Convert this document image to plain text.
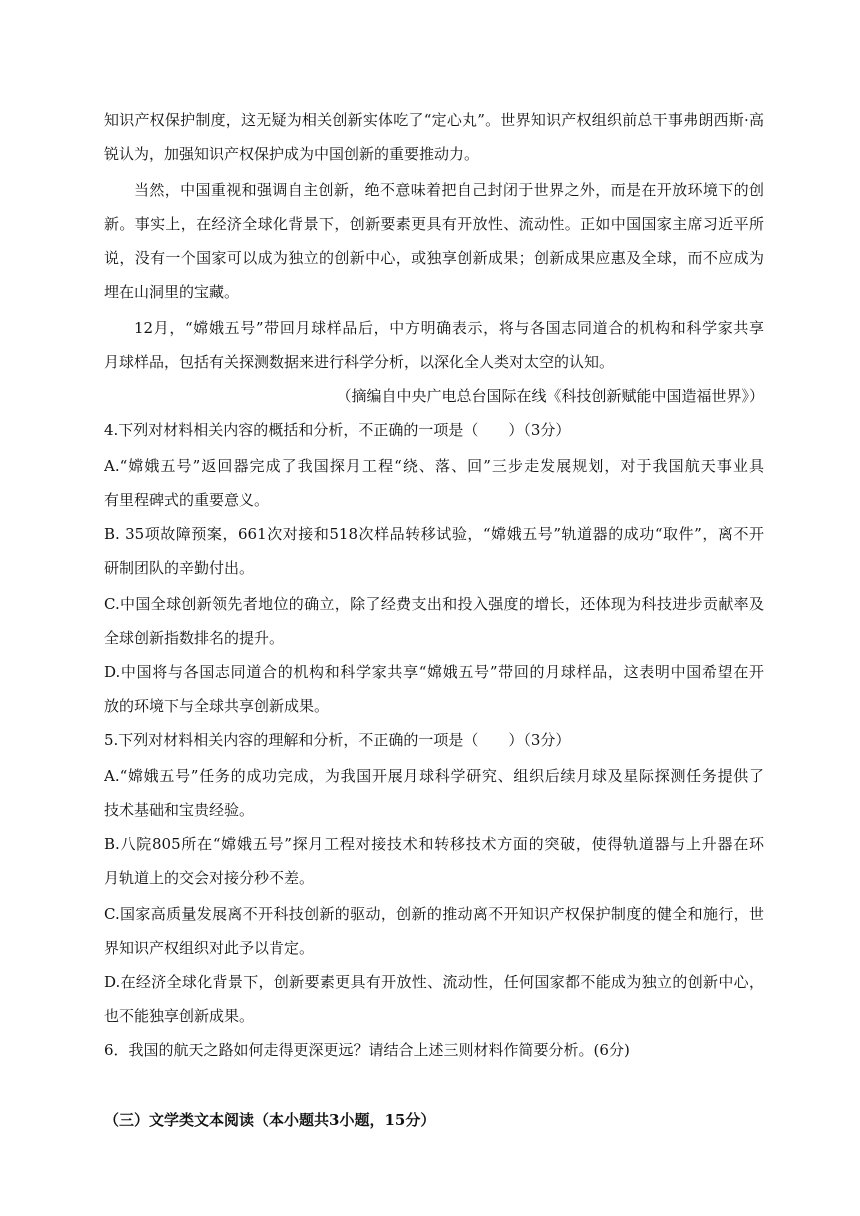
知识产权保护制度，这无疑为相关创新实体吃了“定心丸”。世界知识产权组织前总干事弗朗西斯·高
锐认为，加强知识产权保护成为中国创新的重要推动力。
当然，中国重视和强调自主创新，绝不意味着把自己封闭于世界之外，而是在开放环境下的创
新。事实上，在经济全球化背景下，创新要素更具有开放性、流动性。正如中国国家主席习近平所
说，没有一个国家可以成为独立的创新中心，或独享创新成果；创新成果应惠及全球，而不应成为
埋在山洞里的宝藏。
12月，“嫦娥五号”带回月球样品后，中方明确表示，将与各国志同道合的机构和科学家共享
月球样品，包括有关探测数据来进行科学分析，以深化全人类对太空的认知。
（摘编自中央广电总台国际在线《科技创新赋能中国造福世界》）
4.下列对材料相关内容的概括和分析，不正确的一项是（　　）（3分）
A.“嫦娥五号”返回器完成了我国探月工程“绕、落、回”三步走发展规划，对于我国航天事业具
有里程碑式的重要意义。
B. 35项故障预案，661次对接和518次样品转移试验，“嫦娥五号”轨道器的成功“取件”，离不开
研制团队的辛勤付出。
C.中国全球创新领先者地位的确立，除了经费支出和投入强度的增长，还体现为科技进步贡献率及
全球创新指数排名的提升。
D.中国将与各国志同道合的机构和科学家共享“嫦娥五号”带回的月球样品，这表明中国希望在开
放的环境下与全球共享创新成果。
5.下列对材料相关内容的理解和分析，不正确的一项是（　　）（3分）
A.“嫦娥五号”任务的成功完成，为我国开展月球科学研究、组织后续月球及星际探测任务提供了
技术基础和宝贵经验。
B.八院805所在“嫦娥五号”探月工程对接技术和转移技术方面的突破，使得轨道器与上升器在环
月轨道上的交会对接分秒不差。
C.国家高质量发展离不开科技创新的驱动，创新的推动离不开知识产权保护制度的健全和施行，世
界知识产权组织对此予以肯定。
D.在经济全球化背景下，创新要素更具有开放性、流动性，任何国家都不能成为独立的创新中心，
也不能独享创新成果。
6．我国的航天之路如何走得更深更远？请结合上述三则材料作简要分析。(6分)
（三）文学类文本阅读（本小题共3小题，15分）
